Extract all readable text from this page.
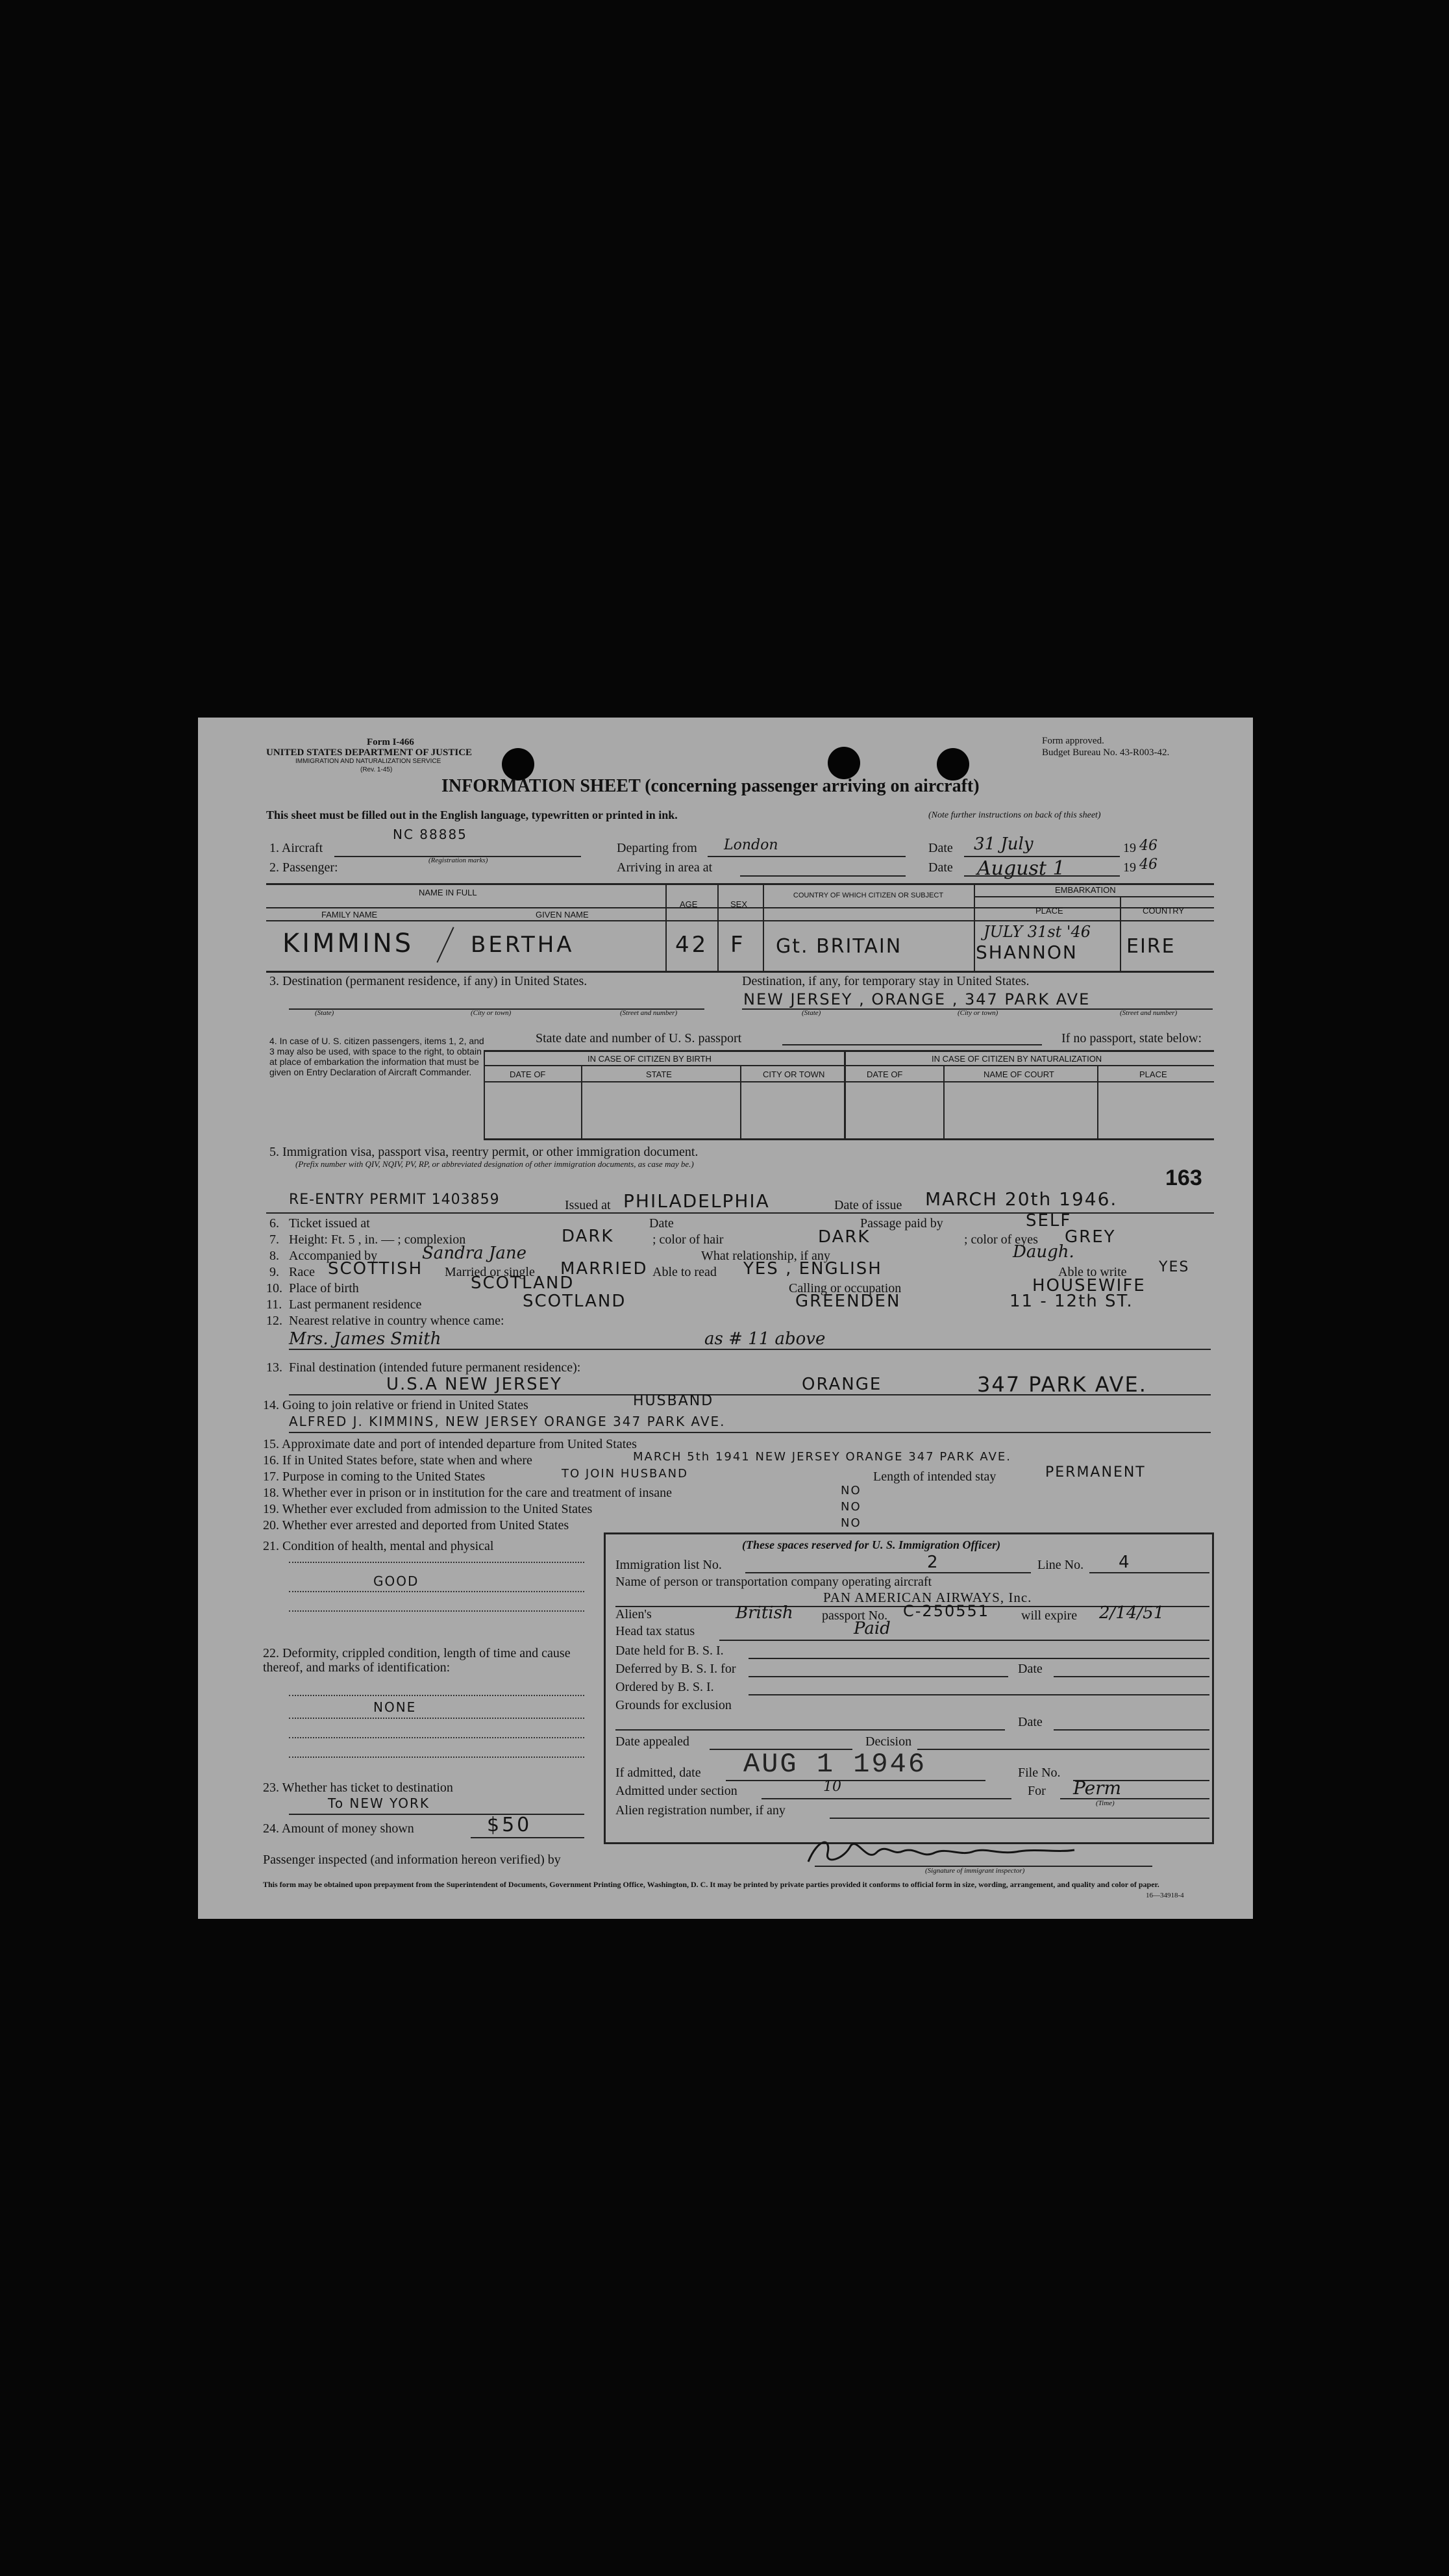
Form I-466
UNITED STATES DEPARTMENT OF JUSTICE
IMMIGRATION AND NATURALIZATION SERVICE
(Rev. 1-45)
Form approved.
Budget Bureau No. 43-R003-42.
INFORMATION SHEET (concerning passenger arriving on aircraft)
This sheet must be filled out in the English language, typewritten or printed in ink.	(Note further instructions on back of this sheet)
1. Aircraft
NC 88885
(Registration marks)
Departing from London	Date 31 July	19 46
2. Passenger:	Arriving in area at	Date August 1	19 46
NAME IN FULL
FAMILY NAME	GIVEN NAME
AGE	SEX
COUNTRY OF WHICH CITIZEN OR SUBJECT
EMBARKATION
PLACE	COUNTRY
KIMMINS	BERTHA	42 F Gt. BRITAIN
JULY 31st '46
SHANNON	EIRE
3. Destination (permanent residence, if any) in United States.	Destination, if any, for temporary stay in United States.
NEW JERSEY , ORANGE , 347 PARK AVE
(State)	(City or town)	(Street and number)	(State)	(City or town)	(Street and number)
4. In case of U. S. citizen passengers, items 1, 2, and 3 may also be used, with space to the right, to obtain at place of embarkation the information that must be given on Entry Declaration of Aircraft Commander.
State date and number of U. S. passport	If no passport, state below:
IN CASE OF CITIZEN BY BIRTH	IN CASE OF CITIZEN BY NATURALIZATION
DATE OF	STATE	CITY OR TOWN	DATE OF	NAME OF COURT	PLACE
5. Immigration visa, passport visa, reentry permit, or other immigration document.
(Prefix number with QIV, NQIV, PV, RP, or abbreviated designation of other immigration documents, as case may be.)
163
RE-ENTRY PERMIT 1403859	Issued at PHILADELPHIA	Date of issue MARCH 20th 1946.
6. Ticket issued at	Date	Passage paid by	SELF
7. Height: Ft. 5 , in. — ; complexion	DARK	; color of hair	DARK	; color of eyes GREY
8. Accompanied by	Sandra Jane	What relationship, if any	Daugh.
9. Race SCOTTISH Married or single MARRIED Able to read YES , ENGLISH	Able to write YES
10. Place of birth	SCOTLAND	Calling or occupation	HOUSEWIFE
11. Last permanent residence	SCOTLAND	GREENDEN	11 - 12th ST.
12. Nearest relative in country whence came:
Mrs. James Smith	as # 11 above
13. Final destination (intended future permanent residence):
U.S.A NEW JERSEY	ORANGE	347 PARK AVE.
14. Going to join relative or friend in United States	HUSBAND
ALFRED J. KIMMINS, NEW JERSEY ORANGE 347 PARK AVE.
15. Approximate date and port of intended departure from United States
16. If in United States before, state when and where	MARCH 5th 1941 NEW JERSEY ORANGE 347 PARK AVE.
17. Purpose in coming to the United States	TO JOIN HUSBAND	Length of intended stay	PERMANENT
18. Whether ever in prison or in institution for the care and treatment of insane	NO
19. Whether ever excluded from admission to the United States	NO
20. Whether ever arrested and deported from United States	NO
21. Condition of health, mental and physical
GOOD
22. Deformity, crippled condition, length of time and cause thereof, and marks of identification:
NONE
23. Whether has ticket to destination
To NEW YORK
24. Amount of money shown	$50
(These spaces reserved for U. S. Immigration Officer)
Immigration list No.	2	Line No. 4
Name of person or transportation company operating aircraft
PAN AMERICAN AIRWAYS, Inc.
Alien's	British passport No. C-250551 will expire 2/14/51
Head tax status	Paid
Date held for B. S. I.
Deferred by B. S. I. for	Date
Ordered by B. S. I.
Grounds for exclusion
Date
Date appealed	Decision
If admitted, date AUG 1 1946	File No.
Admitted under section	10	For Perm
(Time)
Alien registration number, if any
Passenger inspected (and information hereon verified) by
(Signature of immigrant inspector)
This form may be obtained upon prepayment from the Superintendent of Documents, Government Printing Office, Washington, D. C. It may be printed by private parties provided it conforms to official form in size, wording, arrangement, and quality and color of paper.
16—34918-4
